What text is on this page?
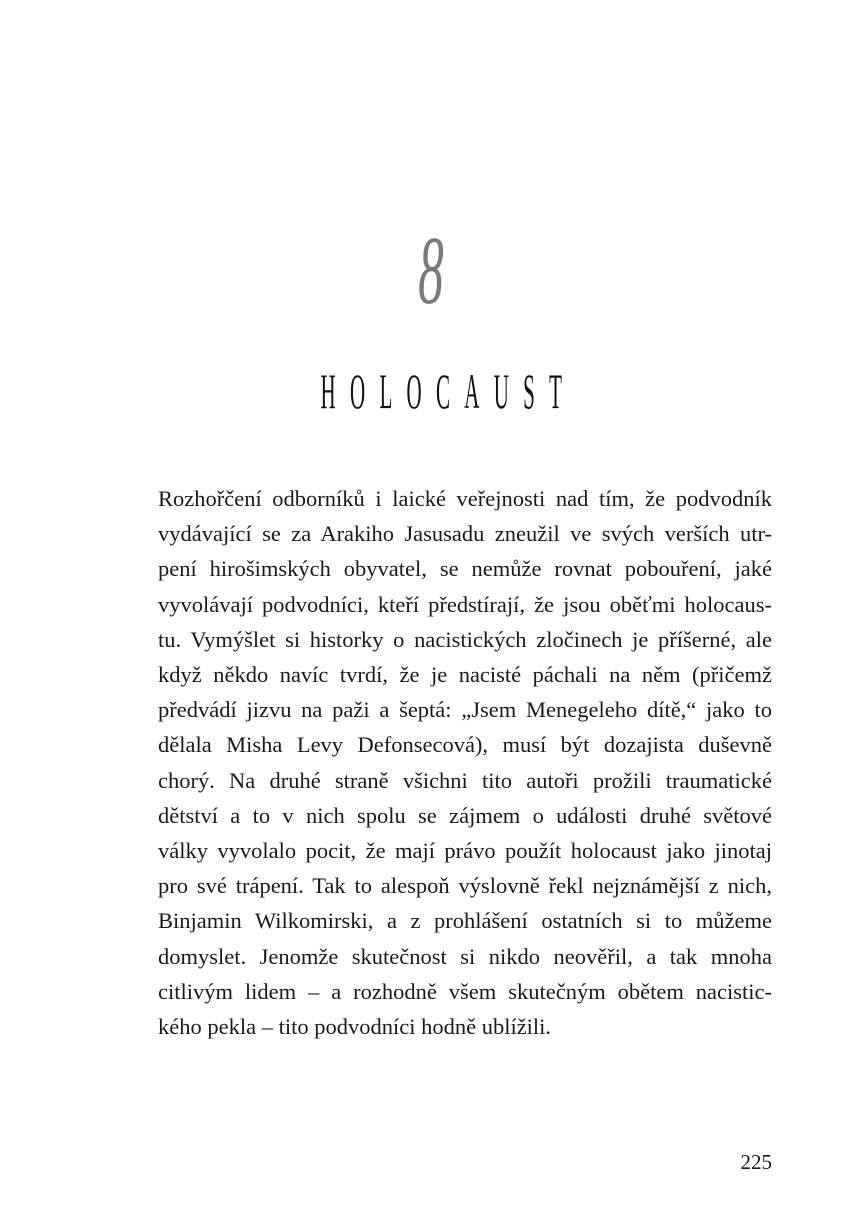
8
HOLOCAUST
Rozhořčení odborníků i laické veřejnosti nad tím, že podvodník
vydávající se za Arakiho Jasusadu zneužil ve svých verších utr-
pení hirošimských obyvatel, se nemůže rovnat pobouření, jaké
vyvolávají podvodníci, kteří předstírají, že jsou oběťmi holocaus-
tu. Vymýšlet si historky o nacistických zločinech je příšerné, ale
když někdo navíc tvrdí, že je nacisté páchali na něm (přičemž
předvádí jizvu na paži a šeptá: „Jsem Menegeleho dítě,“ jako to
dělala Misha Levy Defonsecová), musí být dozajista duševně
chorý. Na druhé straně všichni tito autoři prožili traumatické
dětství a to v nich spolu se zájmem o události druhé světové
války vyvolalo pocit, že mají právo použít holocaust jako jinotaj
pro své trápení. Tak to alespoň výslovně řekl nejznámější z nich,
Binjamin Wilkomirski, a z prohlášení ostatních si to můžeme
domyslet. Jenomže skutečnost si nikdo neověřil, a tak mnoha
citlivým lidem – a rozhodně všem skutečným obětem nacistic-
kého pekla – tito podvodníci hodně ublížili.
225
